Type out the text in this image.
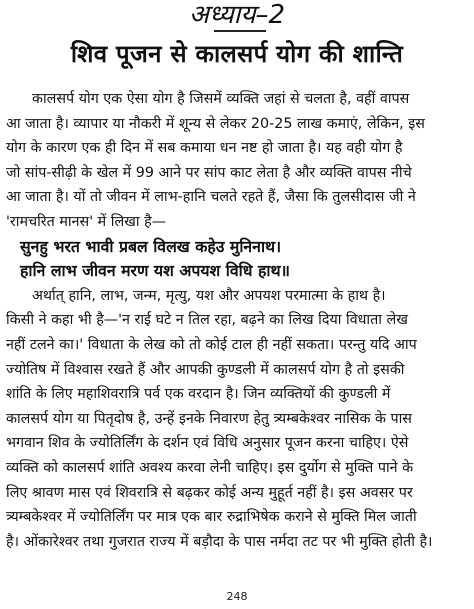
अध्याय–2
शिव पूजन से कालसर्प योग की शान्ति
कालसर्प योग एक ऐसा योग है जिसमें व्यक्ति जहां से चलता है, वहीं वापस
आ जाता है। व्यापार या नौकरी में शून्य से लेकर 20-25 लाख कमाएं, लेकिन, इस
योग के कारण एक ही दिन में सब कमाया धन नष्ट हो जाता है। यह वही योग है
जो सांप-सीढ़ी के खेल में 99 आने पर सांप काट लेता है और व्यक्ति वापस नीचे
आ जाता है। यों तो जीवन में लाभ-हानि चलते रहते हैं, जैसा कि तुलसीदास जी ने
'रामचरित मानस' में लिखा है—
सुनहु भरत भावी प्रबल विलख कहेउ मुनिनाथ।
हानि लाभ जीवन मरण यश अपयश विधि हाथ॥
अर्थात् हानि, लाभ, जन्म, मृत्यु, यश और अपयश परमात्मा के हाथ है।
किसी ने कहा भी है—'न राई घटे न तिल रहा, बढ़ने का लिख दिया विधाता लेख
नहीं टलने का।' विधाता के लेख को तो कोई टाल ही नहीं सकता। परन्तु यदि आप
ज्योतिष में विश्वास रखते हैं और आपकी कुण्डली में कालसर्प योग है तो इसकी
शांति के लिए महाशिवरात्रि पर्व एक वरदान है। जिन व्यक्तियों की कुण्डली में
कालसर्प योग या पितृदोष है, उन्हें इनके निवारण हेतु त्र्यम्बकेश्वर नासिक के पास
भगवान शिव के ज्योतिर्लिंग के दर्शन एवं विधि अनुसार पूजन करना चाहिए। ऐसे
व्यक्ति को कालसर्प शांति अवश्य करवा लेनी चाहिए। इस दुर्योग से मुक्ति पाने के
लिए श्रावण मास एवं शिवरात्रि से बढ़कर कोई अन्य मुहूर्त नहीं है। इस अवसर पर
त्र्यम्बकेश्वर में ज्योतिर्लिंग पर मात्र एक बार रुद्राभिषेक कराने से मुक्ति मिल जाती
है। ओंकारेश्वर तथा गुजरात राज्य में बड़ौदा के पास नर्मदा तट पर भी मुक्ति होती है।
248
